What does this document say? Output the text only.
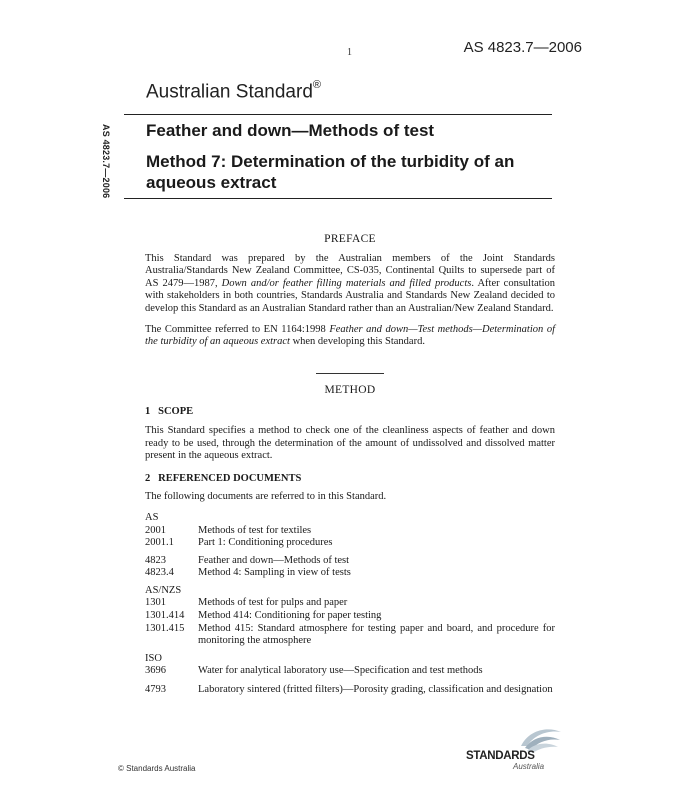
1	AS 4823.7—2006
AS 4823.7—2006
Australian Standard®
Feather and down—Methods of test
Method 7: Determination of the turbidity of an aqueous extract
PREFACE

This Standard was prepared by the Australian members of the Joint Standards Australia/Standards New Zealand Committee, CS-035, Continental Quilts to supersede part of AS 2479—1987, Down and/or feather filling materials and filled products. After consultation with stakeholders in both countries, Standards Australia and Standards New Zealand decided to develop this Standard as an Australian Standard rather than an Australian/New Zealand Standard.

The Committee referred to EN 1164:1998 Feather and down—Test methods—Determination of the turbidity of an aqueous extract when developing this Standard.

METHOD
1   SCOPE

This Standard specifies a method to check one of the cleanliness aspects of feather and down ready to be used, through the determination of the amount of undissolved and dissolved matter present in the aqueous extract.

2   REFERENCED DOCUMENTS

The following documents are referred to in this Standard.

AS
2001	Methods of test for textiles
2001.1	Part 1: Conditioning procedures
4823	Feather and down—Methods of test
4823.4	Method 4: Sampling in view of tests
AS/NZS
1301	Methods of test for pulps and paper
1301.414	Method 414: Conditioning for paper testing
1301.415	Method 415: Standard atmosphere for testing paper and board, and procedure for monitoring the atmosphere
ISO
3696	Water for analytical laboratory use—Specification and test methods
4793	Laboratory sintered (fritted filters)—Porosity grading, classification and designation
© Standards Australia
STANDARDS
Australia
